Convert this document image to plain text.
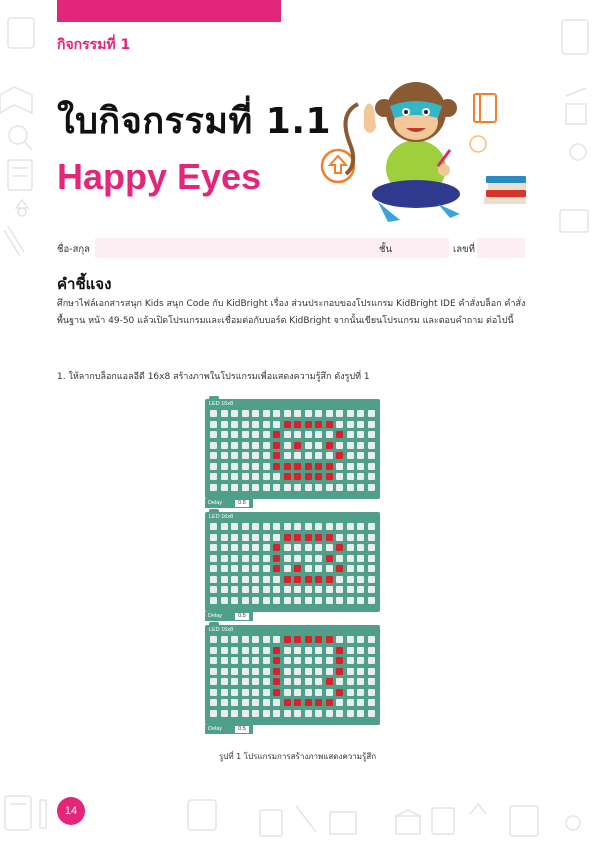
กิจกรรมที่ 1
ใบกิจกรรมที่ 1.1
Happy Eyes
ชื่อ-สกุล	ชั้น	เลขที่
คำชี้แจง
ศึกษาไฟล์เอกสารสนุก Kids สนุก Code กับ KidBright เรื่อง ส่วนประกอบของโปรแกรม KidBright IDE คำสั่งบล็อก คำสั่งพื้นฐาน หน้า 49-50 แล้วเปิดโปรแกรมและเชื่อมต่อกับบอร์ด KidBright จากนั้นเขียนโปรแกรม และตอบคำถาม ต่อไปนี้
1. ให้ลากบล็อกแอลอีดี 16x8 สร้างภาพในโปรแกรมเพื่อแสดงความรู้สึก ดังรูปที่ 1
LED 16x8
Delay	0.5
LED 16x8
Delay	0.5
LED 16x8
Delay	0.5
รูปที่ 1 โปรแกรมการสร้างภาพแสดงความรู้สึก
14
